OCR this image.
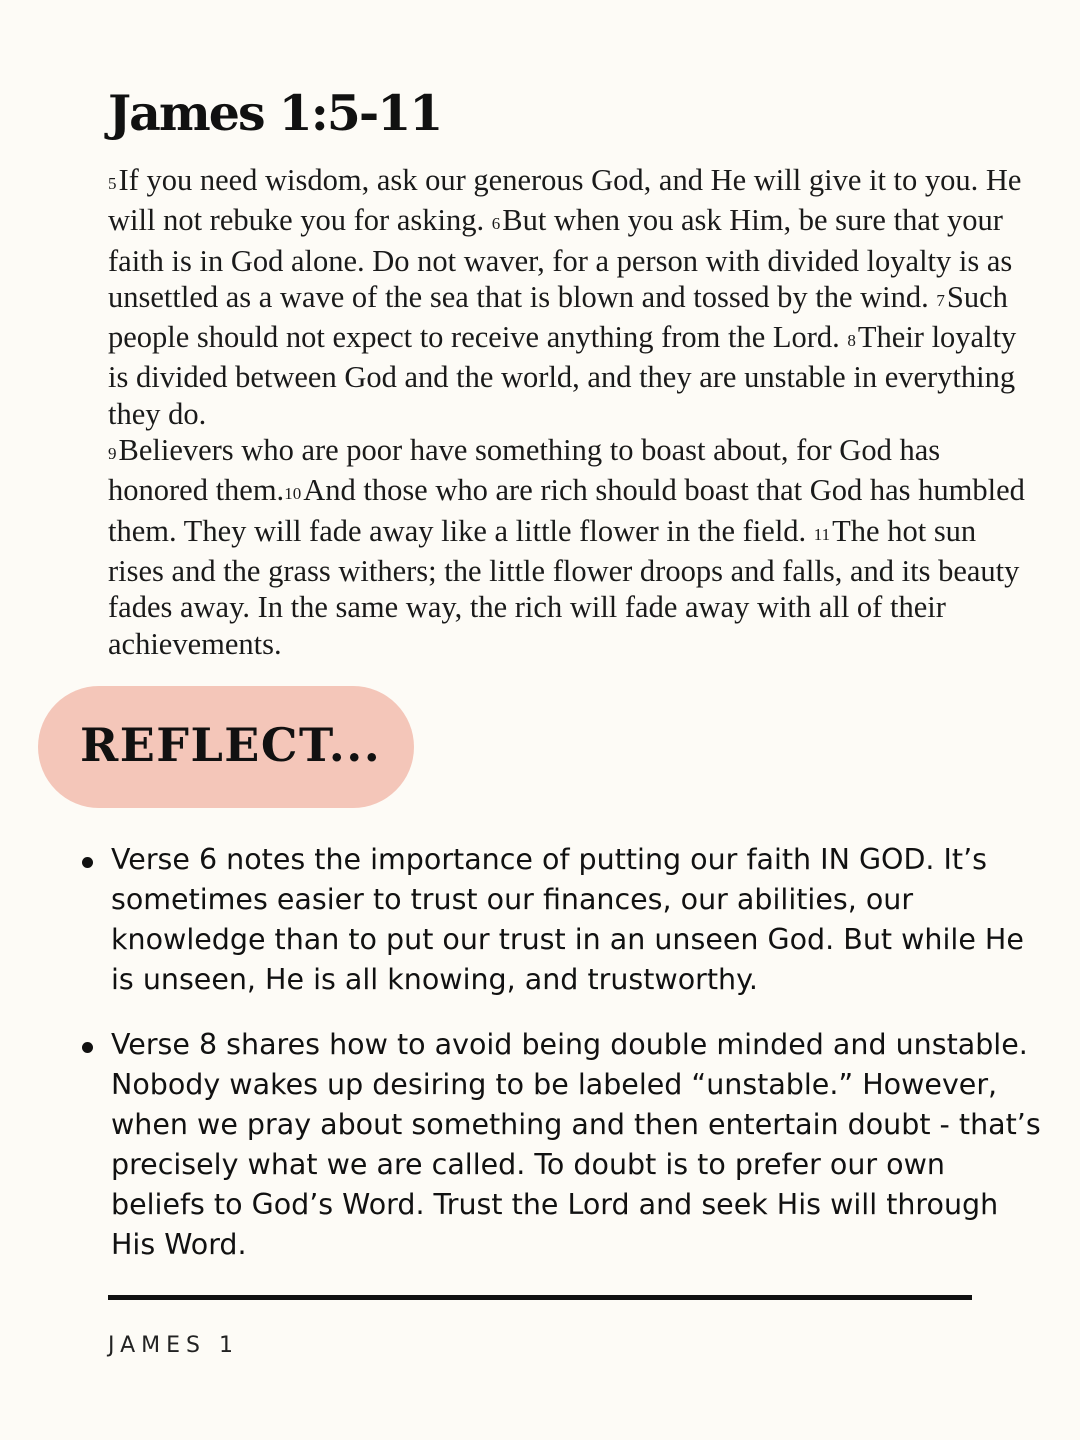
James 1:5-11

$^5$If you need wisdom, ask our generous God, and He will give it to you. He will not rebuke you for asking. $^6$But when you ask Him, be sure that your faith is in God alone. Do not waver, for a person with divided loyalty is as unsettled as a wave of the sea that is blown and tossed by the wind. $^7$Such people should not expect to receive anything from the Lord. $^8$Their loyalty is divided between God and the world, and they are unstable in everything they do.

$^9$Believers who are poor have something to boast about, for God has honored them.$^{10}$And those who are rich should boast that God has humbled them. They will fade away like a little flower in the field. $^{11}$The hot sun rises and the grass withers; the little flower droops and falls, and its beauty fades away. In the same way, the rich will fade away with all of their achievements.

REFLECT...
Verse 6 notes the importance of putting our faith IN GOD. It’s sometimes easier to trust our finances, our abilities, our knowledge than to put our trust in an unseen God. But while He is unseen, He is all knowing, and trustworthy.
Verse 8 shares how to avoid being double minded and unstable. Nobody wakes up desiring to be labeled “unstable.” However, when we pray about something and then entertain doubt - that’s precisely what we are called. To doubt is to prefer our own beliefs to God’s Word. Trust the Lord and seek His will through His Word.

JAMES 1
